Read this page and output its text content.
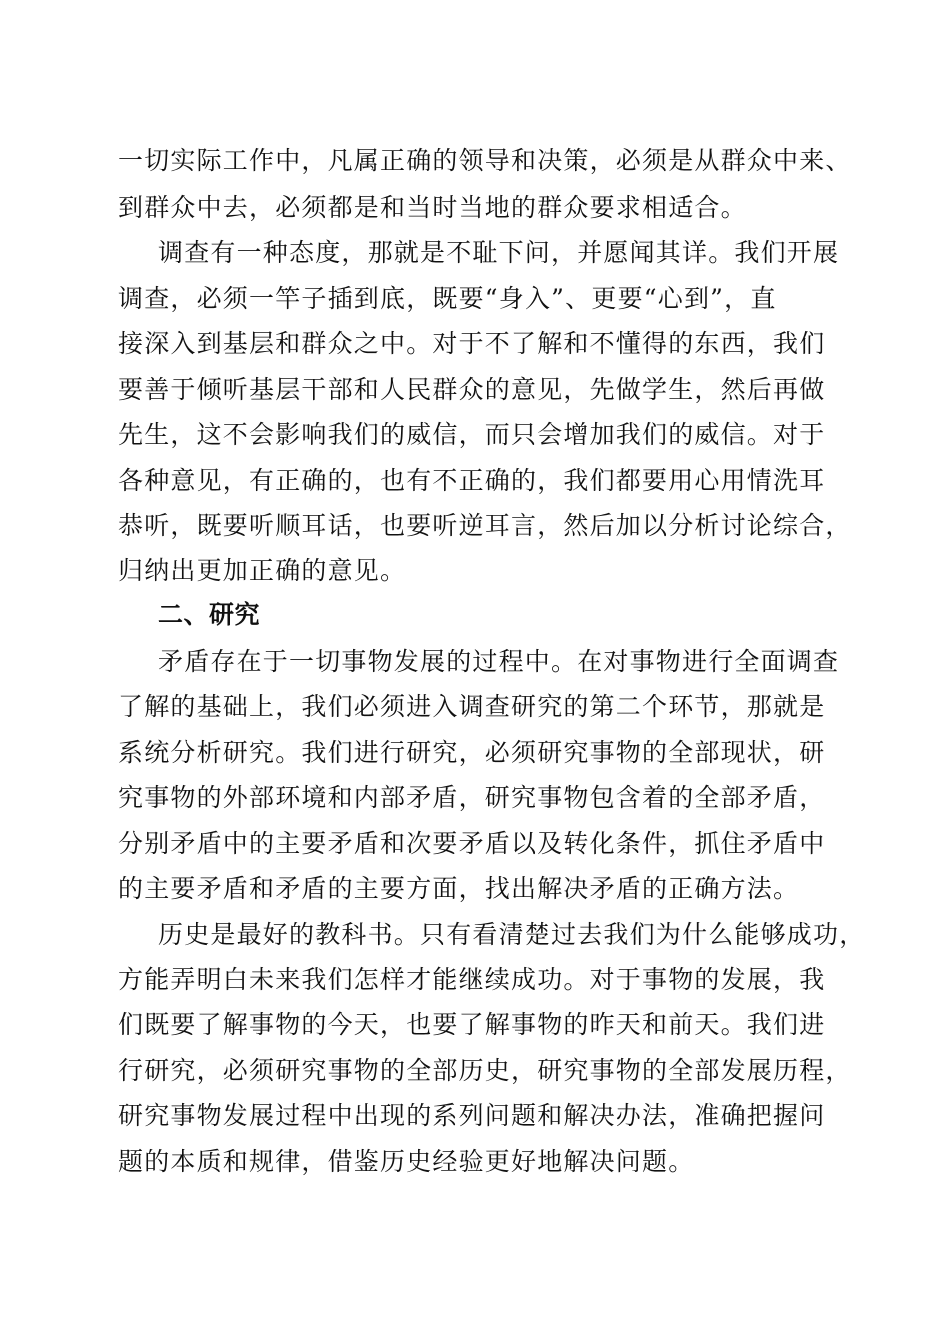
一切实际工作中，凡属正确的领导和决策，必须是从群众中来、
到群众中去，必须都是和当时当地的群众要求相适合。
调查有一种态度，那就是不耻下问，并愿闻其详。我们开展
调查，必须一竿子插到底，既要“身入”、更要“心到”，直
接深入到基层和群众之中。对于不了解和不懂得的东西，我们
要善于倾听基层干部和人民群众的意见，先做学生，然后再做
先生，这不会影响我们的威信，而只会增加我们的威信。对于
各种意见，有正确的，也有不正确的，我们都要用心用情洗耳
恭听，既要听顺耳话，也要听逆耳言，然后加以分析讨论综合，
归纳出更加正确的意见。
二、研究
矛盾存在于一切事物发展的过程中。在对事物进行全面调查
了解的基础上，我们必须进入调查研究的第二个环节，那就是
系统分析研究。我们进行研究，必须研究事物的全部现状，研
究事物的外部环境和内部矛盾，研究事物包含着的全部矛盾，
分别矛盾中的主要矛盾和次要矛盾以及转化条件，抓住矛盾中
的主要矛盾和矛盾的主要方面，找出解决矛盾的正确方法。
历史是最好的教科书。只有看清楚过去我们为什么能够成功，
方能弄明白未来我们怎样才能继续成功。对于事物的发展，我
们既要了解事物的今天，也要了解事物的昨天和前天。我们进
行研究，必须研究事物的全部历史，研究事物的全部发展历程，
研究事物发展过程中出现的系列问题和解决办法，准确把握问
题的本质和规律，借鉴历史经验更好地解决问题。
